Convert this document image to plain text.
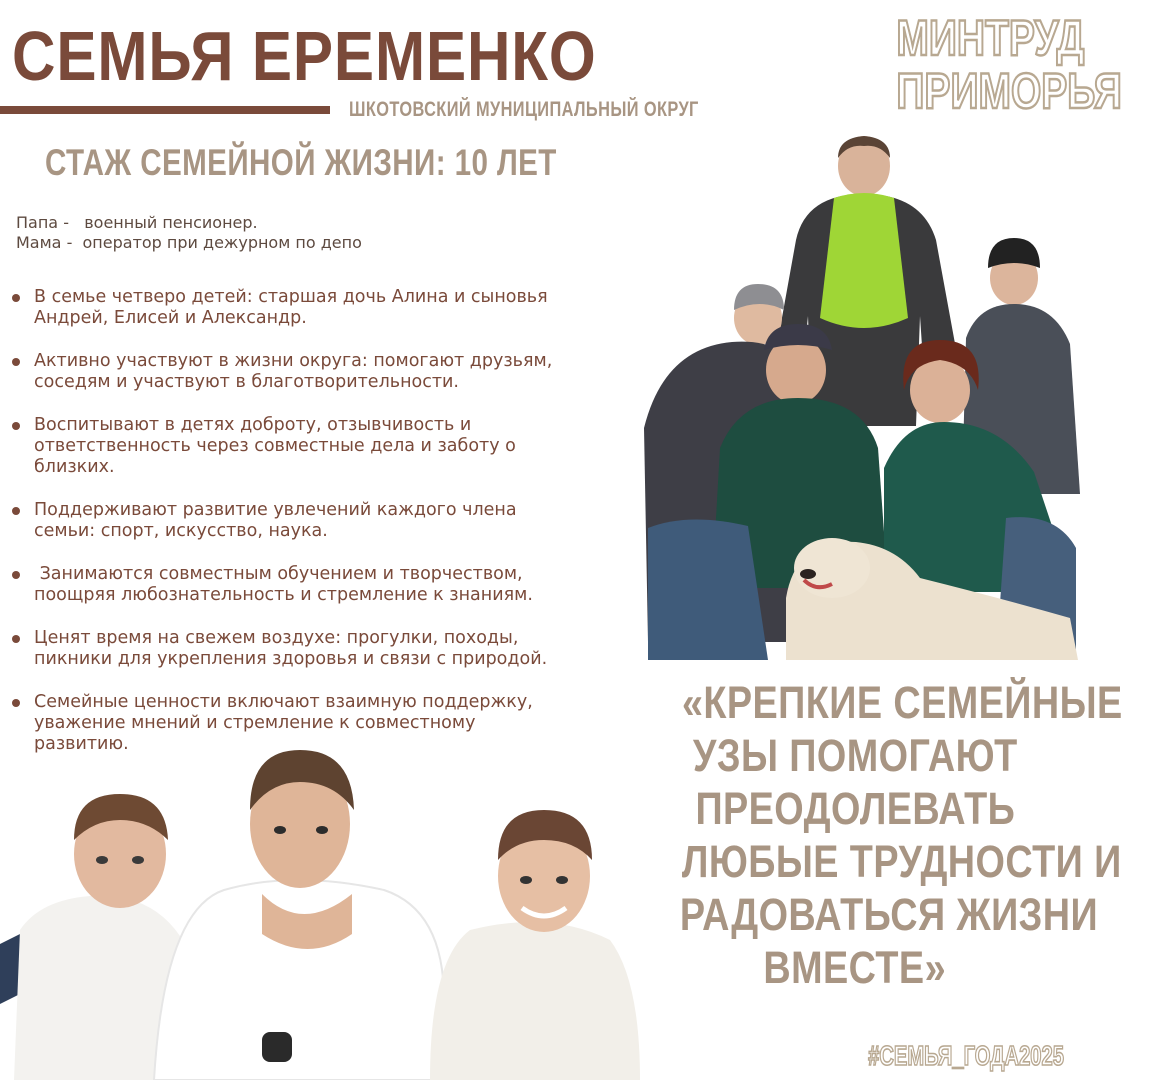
СЕМЬЯ ЕРЕМЕНКО
ШКОТОВСКИЙ МУНИЦИПАЛЬНЫЙ ОКРУГ
МИНТРУД
ПРИМОРЬЯ
СТАЖ СЕМЕЙНОЙ ЖИЗНИ: 10 ЛЕТ
Папа -   военный пенсионер.
Мама -  оператор при дежурном по депо
В семье четверо детей: старшая дочь Алина и сыновья
Андрей, Елисей и Александр.
Активно участвуют в жизни округа: помогают друзьям,
соседям и участвуют в благотворительности.
Воспитывают в детях доброту, отзывчивость и
ответственность через совместные дела и заботу о
близких.
Поддерживают развитие увлечений каждого члена
семьи: спорт, искусство, наука.
Занимаются совместным обучением и творчеством,
поощряя любознательность и стремление к знаниям.
Ценят время на свежем воздухе: прогулки, походы,
пикники для укрепления здоровья и связи с природой.
Семейные ценности включают взаимную поддержку,
уважение мнений и стремление к совместному
развитию.
«КРЕПКИЕ СЕМЕЙНЫЕ
УЗЫ ПОМОГАЮТ
ПРЕОДОЛЕВАТЬ
ЛЮБЫЕ ТРУДНОСТИ И
РАДОВАТЬСЯ ЖИЗНИ
ВМЕСТЕ»
#СЕМЬЯ_ГОДА2025
